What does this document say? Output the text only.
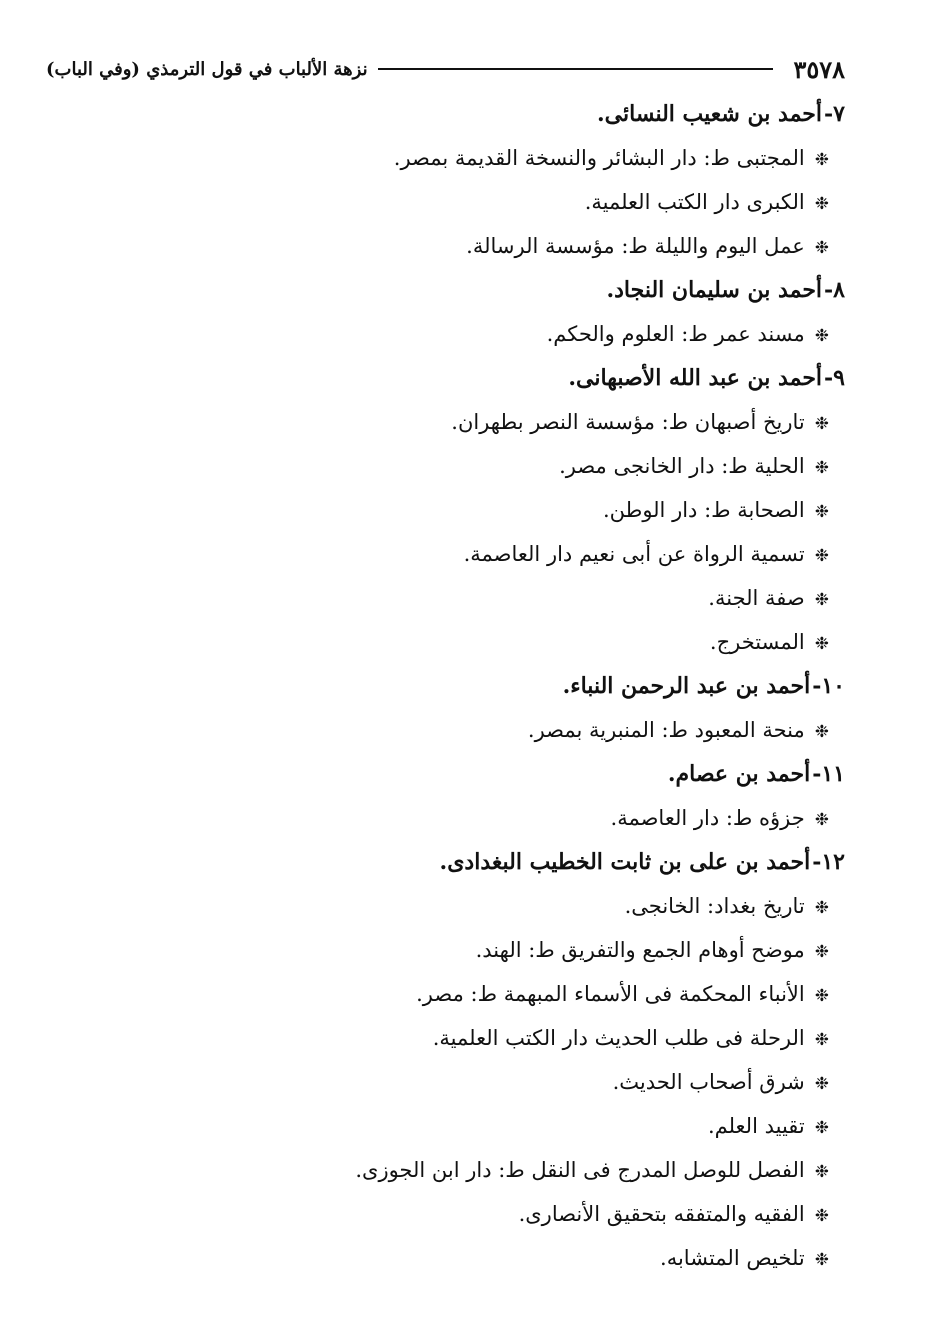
٣٥٧٨
نزهة الألباب في قول الترمذي (وفي الباب)
٧-أحمد بن شعيب النسائى.
❉المجتبى ط: دار البشائر والنسخة القديمة بمصر.
❉الكبرى دار الكتب العلمية.
❉عمل اليوم والليلة ط: مؤسسة الرسالة.
٨-أحمد بن سليمان النجاد.
❉مسند عمر ط: العلوم والحكم.
٩-أحمد بن عبد الله الأصبهانى.
❉تاريخ أصبهان ط: مؤسسة النصر بطهران.
❉الحلية ط: دار الخانجى مصر.
❉الصحابة ط: دار الوطن.
❉تسمية الرواة عن أبى نعيم دار العاصمة.
❉صفة الجنة.
❉المستخرج.
١٠-أحمد بن عبد الرحمن النباء.
❉منحة المعبود ط: المنبرية بمصر.
١١-أحمد بن عصام.
❉جزؤه ط: دار العاصمة.
١٢-أحمد بن على بن ثابت الخطيب البغدادى.
❉تاريخ بغداد: الخانجى.
❉موضح أوهام الجمع والتفريق ط: الهند.
❉الأنباء المحكمة فى الأسماء المبهمة ط: مصر.
❉الرحلة فى طلب الحديث دار الكتب العلمية.
❉شرق أصحاب الحديث.
❉تقييد العلم.
❉الفصل للوصل المدرج فى النقل ط: دار ابن الجوزى.
❉الفقيه والمتفقه بتحقيق الأنصارى.
❉تلخيص المتشابه.
